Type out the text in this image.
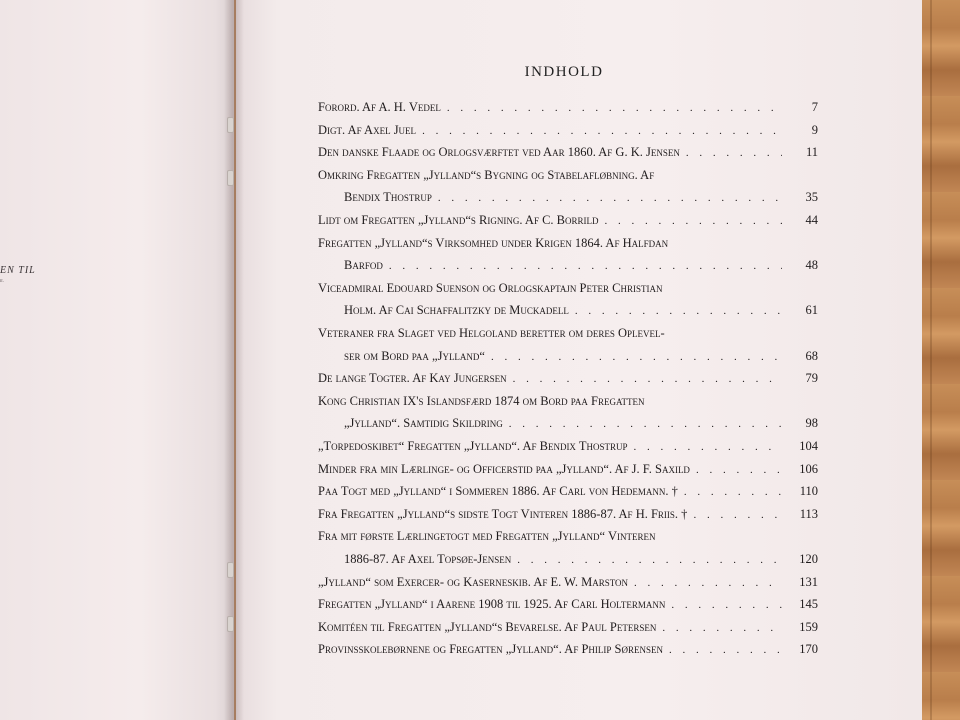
EN TIL
r.
INDHOLD
Forord. Af A. H. Vedel . . .	7
Digt. Af Axel Juel . . .	9
Den danske Flaade og Orlogsværftet ved Aar 1860. Af G. K. Jensen . . .	11
Omkring Fregatten „Jylland“s Bygning og Stabelafløbning. Af
Bendix Thostrup . . .	35
Lidt om Fregatten „Jylland“s Rigning. Af C. Borrild . . .	44
Fregatten „Jylland“s Virksomhed under Krigen 1864. Af Halfdan
Barfod . . .	48
Viceadmiral Edouard Suenson og Orlogskaptajn Peter Christian
Holm. Af Cai Schaffalitzky de Muckadell . . .	61
Veteraner fra Slaget ved Helgoland beretter om deres Oplevel-
ser om Bord paa „Jylland“ . . .	68
De lange Togter. Af Kay Jungersen . . .	79
Kong Christian IX's Islandsfærd 1874 om Bord paa Fregatten
„Jylland“. Samtidig Skildring . . .	98
„Torpedoskibet“ Fregatten „Jylland“. Af Bendix Thostrup . . .	104
Minder fra min Lærlinge- og Officerstid paa „Jylland“. Af J. F. Saxild . . .	106
Paa Togt med „Jylland“ i Sommeren 1886. Af Carl von Hedemann. † . . .	110
Fra Fregatten „Jylland“s sidste Togt Vinteren 1886-87. Af H. Friis. † . . .	113
Fra mit første Lærlingetogt med Fregatten „Jylland“ Vinteren
1886-87. Af Axel Topsøe-Jensen . . .	120
„Jylland“ som Exercer- og Kaserneskib. Af E. W. Marston . . .	131
Fregatten „Jylland“ i Aarene 1908 til 1925. Af Carl Holtermann . . .	145
Komitéen til Fregatten „Jylland“s Bevarelse. Af Paul Petersen . . .	159
Provinsskolebørnene og Fregatten „Jylland“. Af Philip Sørensen . . .	170
